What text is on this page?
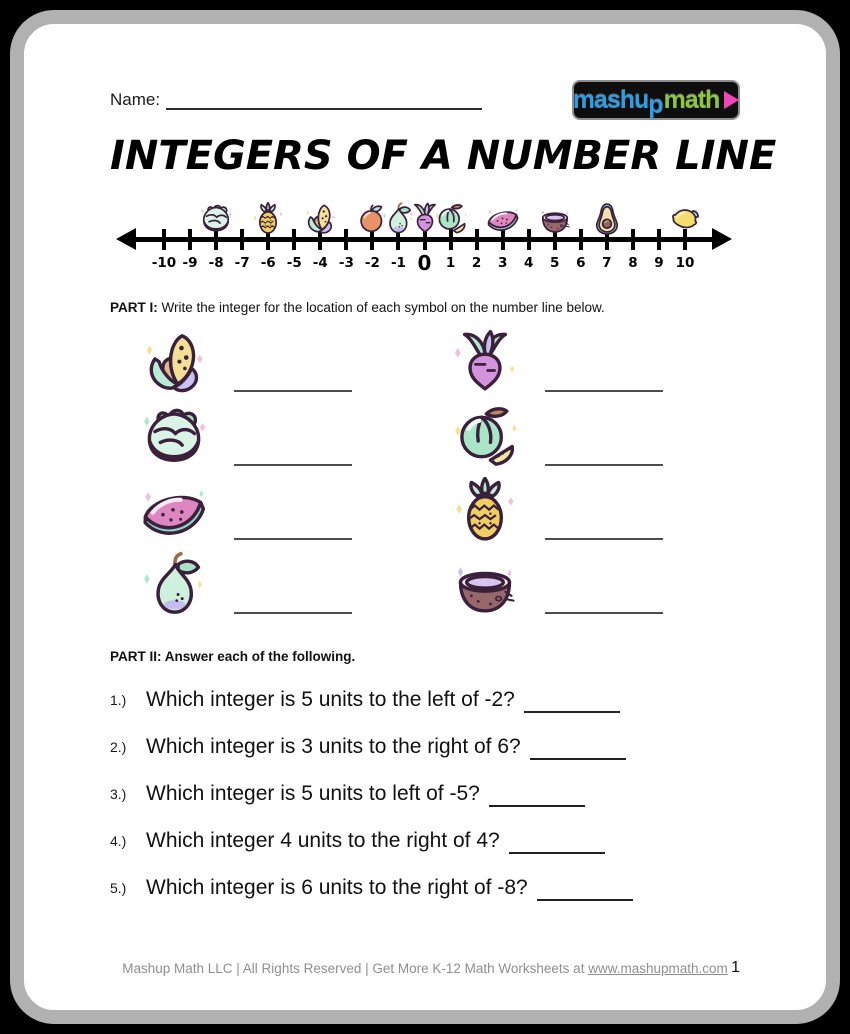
Name:	mashu p math
INTEGERS OF A NUMBER LINE
-10 -9 -8 -7 -6 -5 -4 -3 -2 -1 0 1 2 3 4 5 6 7 8 9 10
PART I: Write the integer for the location of each symbol on the number line below.
PART II: Answer each of the following.
1.) Which integer is 5 units to the left of -2?
2.) Which integer is 3 units to the right of 6?
3.) Which integer is 5 units to left of -5?
4.) Which integer 4 units to the right of 4?
5.) Which integer is 6 units to the right of -8?
Mashup Math LLC | All Rights Reserved | Get More K-12 Math Worksheets at www.mashupmath.com 1
